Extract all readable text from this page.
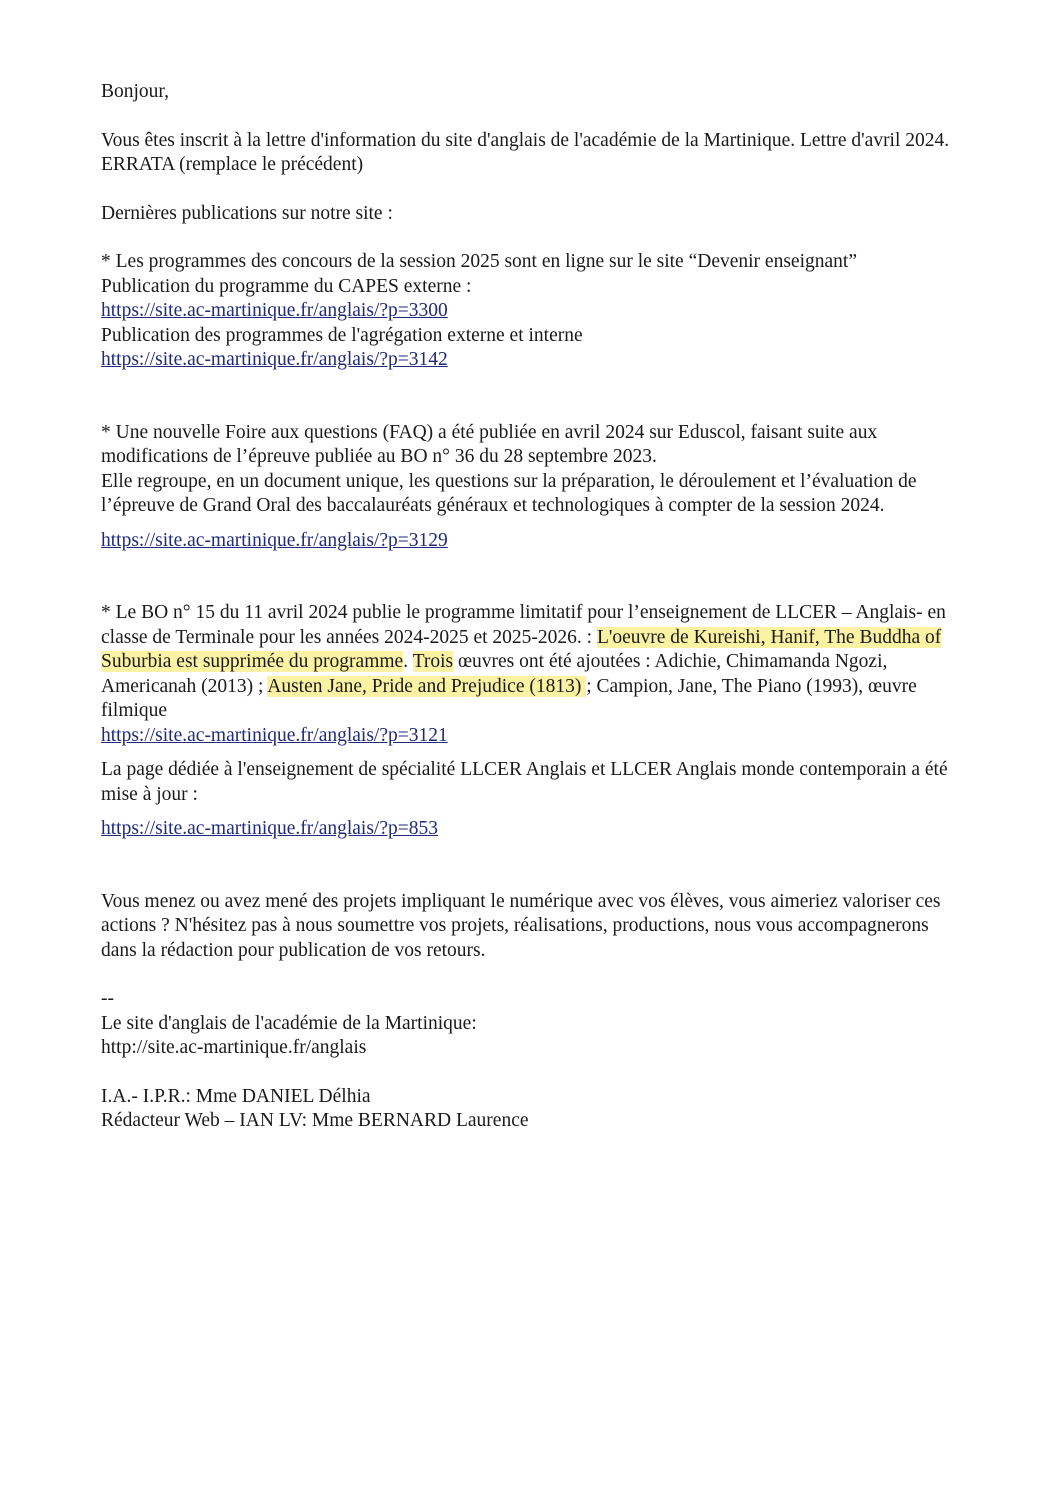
Bonjour,

Vous êtes inscrit à la lettre d'information du site d'anglais de l'académie de la Martinique. Lettre d'avril 2024. ERRATA (remplace le précédent)

Dernières publications sur notre site :

* Les programmes des concours de la session 2025 sont en ligne sur le site “Devenir enseignant”

Publication du programme du CAPES externe :

https://site.ac-martinique.fr/anglais/?p=3300

Publication des programmes de l'agrégation externe et interne

https://site.ac-martinique.fr/anglais/?p=3142

* Une nouvelle Foire aux questions (FAQ) a été publiée en avril 2024 sur Eduscol, faisant suite aux modifications de l’épreuve publiée au BO n° 36 du 28 septembre 2023.

Elle regroupe, en un document unique, les questions sur la préparation, le déroulement et l’évaluation de l’épreuve de Grand Oral des baccalauréats généraux et technologiques à compter de la session 2024.

https://site.ac-martinique.fr/anglais/?p=3129

* Le BO n° 15 du 11 avril 2024 publie le programme limitatif pour l’enseignement de LLCER – Anglais- en classe de Terminale pour les années 2024-2025 et 2025-2026. : L'oeuvre de Kureishi, Hanif, The Buddha of Suburbia est supprimée du programme. Trois œuvres ont été ajoutées : Adichie, Chimamanda Ngozi, Americanah (2013) ; Austen Jane, Pride and Prejudice (1813) ; Campion, Jane, The Piano (1993), œuvre filmique

https://site.ac-martinique.fr/anglais/?p=3121

La page dédiée à l'enseignement de spécialité LLCER Anglais et LLCER Anglais monde contemporain a été mise à jour :

https://site.ac-martinique.fr/anglais/?p=853

Vous menez ou avez mené des projets impliquant le numérique avec vos élèves, vous aimeriez valoriser ces actions ? N'hésitez pas à nous soumettre vos projets, réalisations, productions, nous vous accompagnerons dans la rédaction pour publication de vos retours.

--

Le site d'anglais de l'académie de la Martinique:

http://site.ac-martinique.fr/anglais

I.A.- I.P.R.: Mme DANIEL Délhia

Rédacteur Web – IAN LV: Mme BERNARD Laurence
